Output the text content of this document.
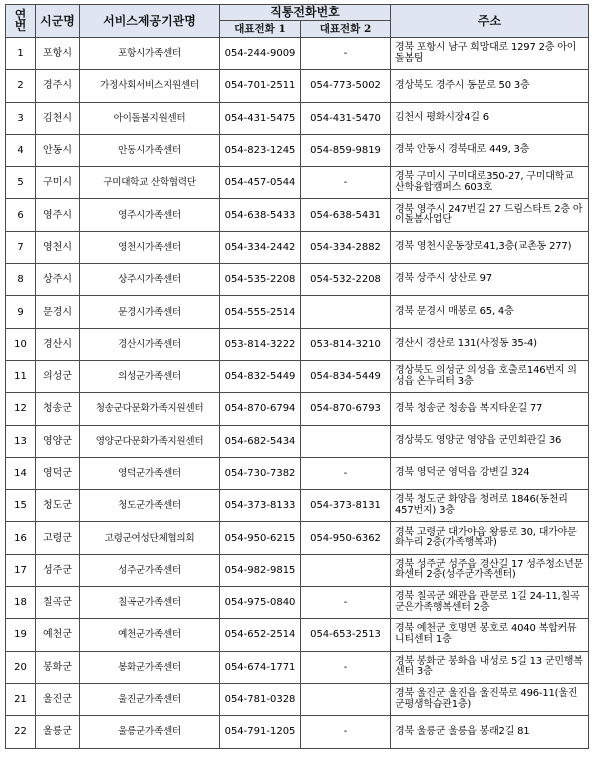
연번	시군명	서비스제공기관명	직통전화번호		주소
			대표전화 1	대표전화 2	
1	포항시	포항시가족센터	054-244-9009	-	경북 포항시 남구 희망대로 1297 2층 아이돌봄팀
2	경주시	가정사회서비스지원센터	054-701-2511	054-773-5002	경상북도 경주시 동문로 50 3층
3	김천시	아이돌봄지원센터	054-431-5475	054-431-5470	김천시 평화시장4길 6
4	안동시	안동시가족센터	054-823-1245	054-859-9819	경북 안동시 경북대로 449, 3층
5	구미시	구미대학교 산학협력단	054-457-0544	-	경북 구미시 구미대로350-27, 구미대학교 산학융합캠퍼스 603호
6	영주시	영주시가족센터	054-638-5433	054-638-5431	경북 영주시 247번길 27 드림스타트 2층 아이돌봄사업단
7	영천시	영천시가족센터	054-334-2442	054-334-2882	경북 영천시운동장로41,3층(교촌동 277)
8	상주시	상주시가족센터	054-535-2208	054-532-2208	경북 상주시 상산로 97
9	문경시	문경시가족센터	054-555-2514		경북 문경시 매봉로 65, 4층
10	경산시	경산시가족센터	053-814-3222	053-814-3210	경산시 경산로 131(사정동 35-4)
11	의성군	의성군가족센터	054-832-5449	054-834-5449	경상북도 의성군 의성읍 호출로146번지 의성읍 온누리터 3층
12	청송군	청송군다문화가족지원센터	054-870-6794	054-870-6793	경북 청송군 청송읍 복지타운길 77
13	영양군	영양군다문화가족지원센터	054-682-5434		경상북도 영양군 영양읍 군민회관길 36
14	영덕군	영덕군가족센터	054-730-7382	-	경북 영덕군 영덕읍 강변길 324
15	청도군	청도군가족센터	054-373-8133	054-373-8131	경북 청도군 화양읍 청려로 1846(동천리 457번지) 3층
16	고령군	고령군여성단체협의회	054-950-6215	054-950-6362	경북 고령군 대가야읍 왕릉로 30, 대가야문화누리 2층(가족행복과)
17	성주군	성주군가족센터	054-982-9815		경북 성주군 성주읍 경산길 17 성주청소년문화센터 2층(성주군가족센터)
18	칠곡군	칠곡군가족센터	054-975-0840	-	경북 칠곡군 왜관읍 관문로 1길 24-11,칠곡군은가족행복센터 2층
19	예천군	예천군가족센터	054-652-2514	054-653-2513	경북 예천군 호명면 봉호로 4040 복합커뮤니티센터 1층
20	봉화군	봉화군가족센터	054-674-1771	-	경북 봉화군 봉화읍 내성로 5길 13 군민행복센터 3층
21	울진군	울진군가족센터	054-781-0328		경북 울진군 울진읍 울진북로 496-11(울진군평생학습관1층)
22	울릉군	울릉군가족센터	054-791-1205	-	경북 울릉군 울릉읍 봉래2길 81
